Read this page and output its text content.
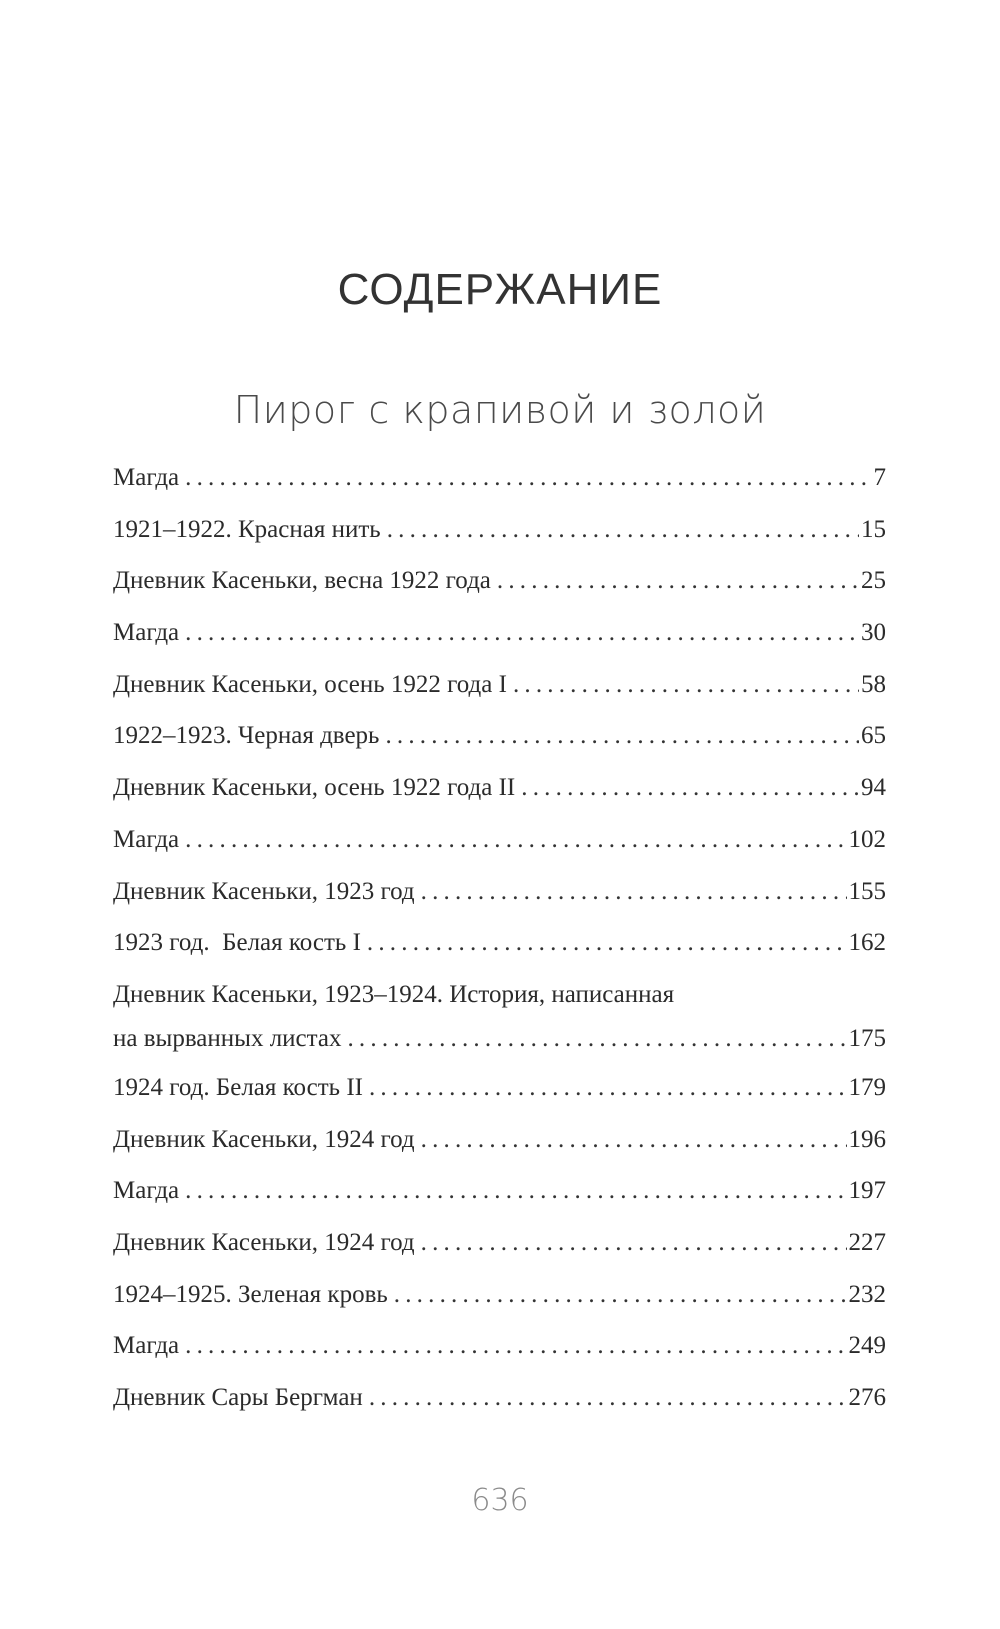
СОДЕРЖАНИЕ
Пирог с крапивой и золой
Магда .....	7
1921–1922. Красная нить .....	15
Дневник Касеньки, весна 1922 года .....	25
Магда .....	30
Дневник Касеньки, осень 1922 года I .....	58
1922–1923. Черная дверь .....	65
Дневник Касеньки, осень 1922 года II .....	94
Магда .....	102
Дневник Касеньки, 1923 год .....	155
1923 год.  Белая кость I .....	162
Дневник Касеньки, 1923–1924. История, написанная
на вырванных листах .....	175
1924 год. Белая кость II .....	179
Дневник Касеньки, 1924 год .....	196
Магда .....	197
Дневник Касеньки, 1924 год .....	227
1924–1925. Зеленая кровь .....	232
Магда .....	249
Дневник Сары Бергман .....	276
636
